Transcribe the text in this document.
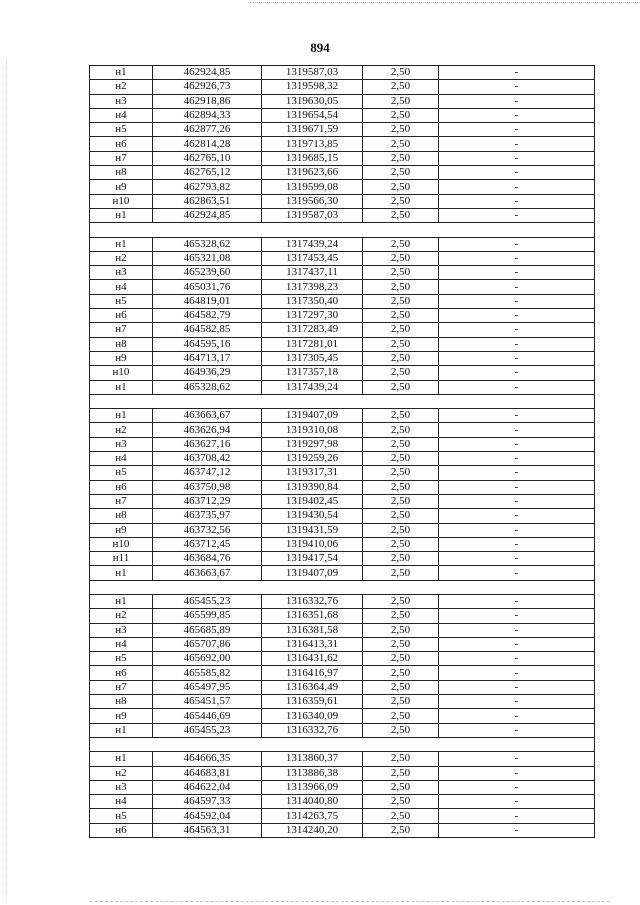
894
н1	462924,85	1319587,03	2,50	-
н2	462926,73	1319598,32	2,50	-
н3	462918,86	1319630,05	2,50	-
н4	462894,33	1319654,54	2,50	-
н5	462877,26	1319671,59	2,50	-
н6	462814,28	1319713,85	2,50	-
н7	462765,10	1319685,15	2,50	-
н8	462765,12	1319623,66	2,50	-
н9	462793,82	1319599,08	2,50	-
н10	462863,51	1319566,30	2,50	-
н1	462924,85	1319587,03	2,50	-

н1	465328,62	1317439,24	2,50	-
н2	465321,08	1317453,45	2,50	-
н3	465239,60	1317437,11	2,50	-
н4	465031,76	1317398,23	2,50	-
н5	464819,01	1317350,40	2,50	-
н6	464582,79	1317297,30	2,50	-
н7	464582,85	1317283,49	2,50	-
н8	464595,16	1317281,01	2,50	-
н9	464713,17	1317305,45	2,50	-
н10	464936,29	1317357,18	2,50	-
н1	465328,62	1317439,24	2,50	-

н1	463663,67	1319407,09	2,50	-
н2	463626,94	1319310,08	2,50	-
н3	463627,16	1319297,98	2,50	-
н4	463708,42	1319259,26	2,50	-
н5	463747,12	1319317,31	2,50	-
н6	463750,98	1319390,84	2,50	-
н7	463712,29	1319402,45	2,50	-
н8	463735,97	1319430,54	2,50	-
н9	463732,56	1319431,59	2,50	-
н10	463712,45	1319410,06	2,50	-
н11	463684,76	1319417,54	2,50	-
н1	463663,67	1319407,09	2,50	-

н1	465455,23	1316332,76	2,50	-
н2	465599,85	1316351,68	2,50	-
н3	465685,89	1316381,58	2,50	-
н4	465707,86	1316413,31	2,50	-
н5	465692,00	1316431,62	2,50	-
н6	465585,82	1316416,97	2,50	-
н7	465497,95	1316364,49	2,50	-
н8	465451,57	1316359,61	2,50	-
н9	465446,69	1316340,09	2,50	-
н1	465455,23	1316332,76	2,50	-

н1	464666,35	1313860,37	2,50	-
н2	464683,81	1313886,38	2,50	-
н3	464622,04	1313966,09	2,50	-
н4	464597,33	1314040,80	2,50	-
н5	464592,04	1314263,75	2,50	-
н6	464563,31	1314240,20	2,50	-
